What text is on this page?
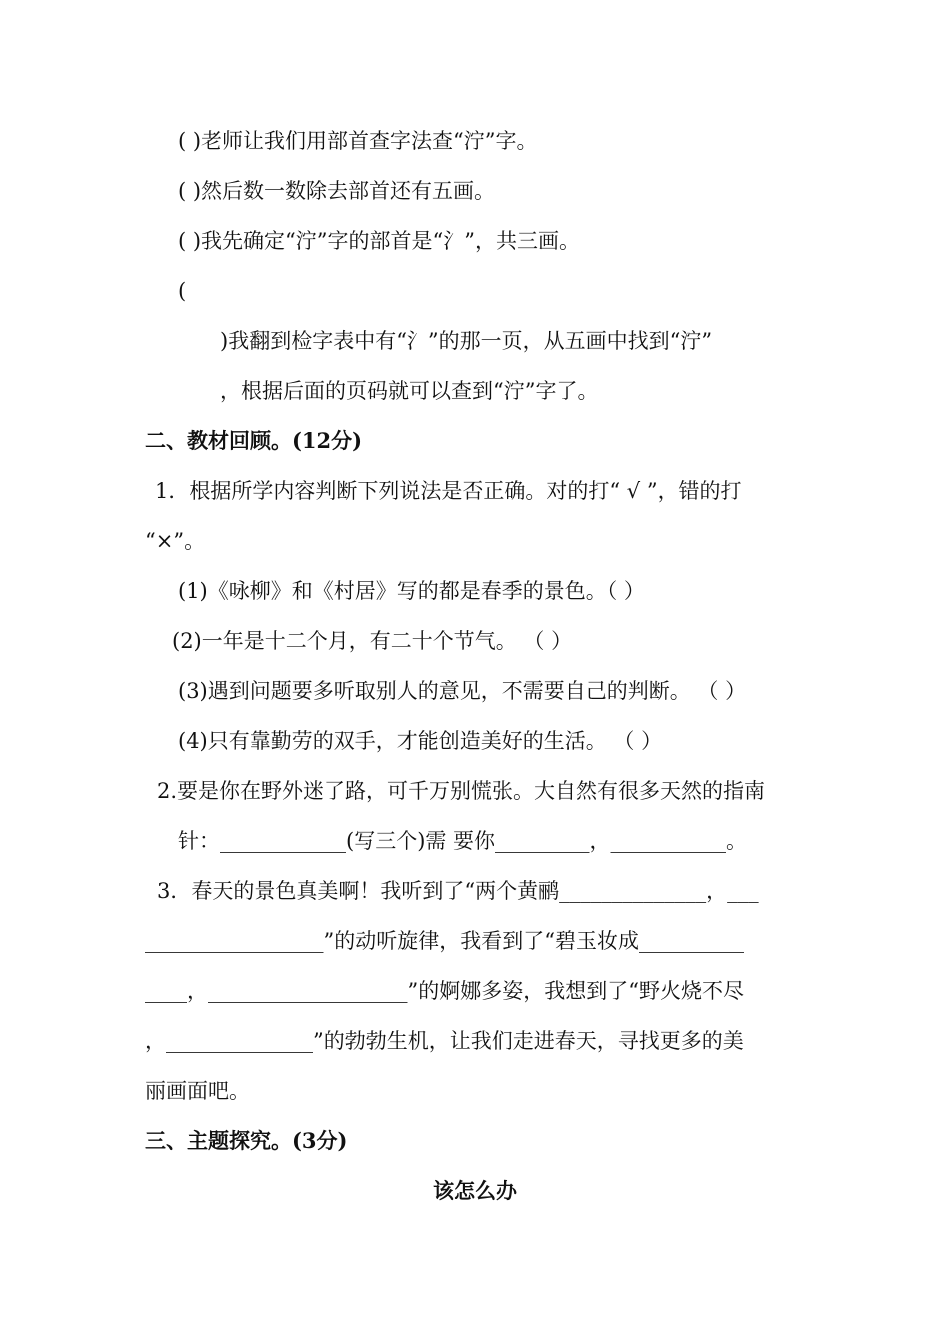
( )老师让我们用部首查字法查“泞”字。
( )然后数一数除去部首还有五画。
( )我先确定“泞”字的部首是“氵”，共三画。
(
)我翻到检字表中有“氵”的那一页，从五画中找到“泞”
，根据后面的页码就可以查到“泞”字了。
二、教材回顾。(12分)
1．根据所学内容判断下列说法是否正确。对的打“ √ ”，错的打
“×”。
(1)《咏柳》和《村居》写的都是春季的景色。（ ）
(2)一年是十二个月，有二十个节气。 （ ）
(3)遇到问题要多听取别人的意见，不需要自己的判断。 （ ）
(4)只有靠勤劳的双手，才能创造美好的生活。 （ ）
2.要是你在野外迷了路，可千万别慌张。大自然有很多天然的指南
针：____________(写三个)需 要你_________，___________。
3．春天的景色真美啊！我听到了“两个黄鹂______________，___
_________________”的动听旋律，我看到了“碧玉妆成__________
____，___________________”的婀娜多姿，我想到了“野火烧不尽
，______________”的勃勃生机，让我们走进春天，寻找更多的美
丽画面吧。
三、主题探究。(3分)
该怎么办
